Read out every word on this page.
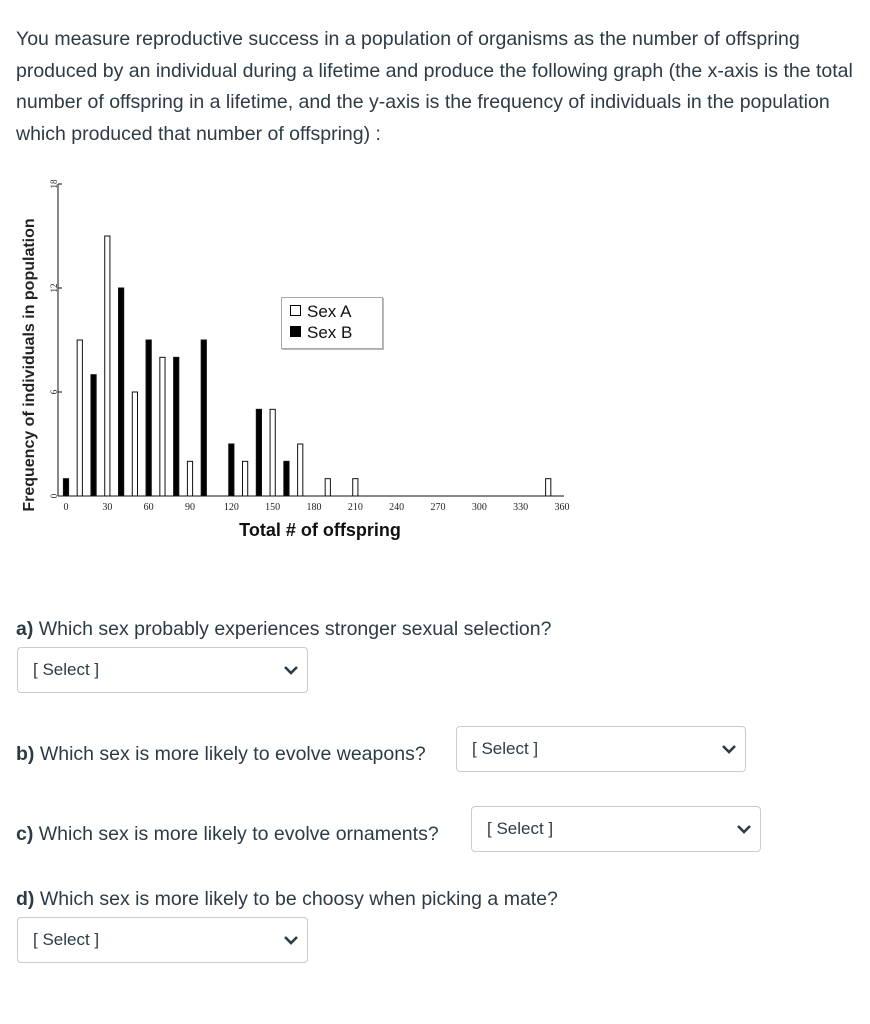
You measure reproductive success in a population of organisms as the number of offspring produced by an individual during a lifetime and produce the following graph (the x-axis is the total number of offspring in a lifetime, and the y-axis is the frequency of individuals in the population which produced that number of offspring) :

0
6
12
18
0	30	60	90	120	150	180	210	240	270	300	330	360
Frequency of individuals in population	Sex A
Sex B
Total # of offspring
a) Which sex probably experiences stronger sexual selection?
[ Select ]
b) Which sex is more likely to evolve weapons?	[ Select ]
c) Which sex is more likely to evolve ornaments?	[ Select ]
d) Which sex is more likely to be choosy when picking a mate?
[ Select ]
